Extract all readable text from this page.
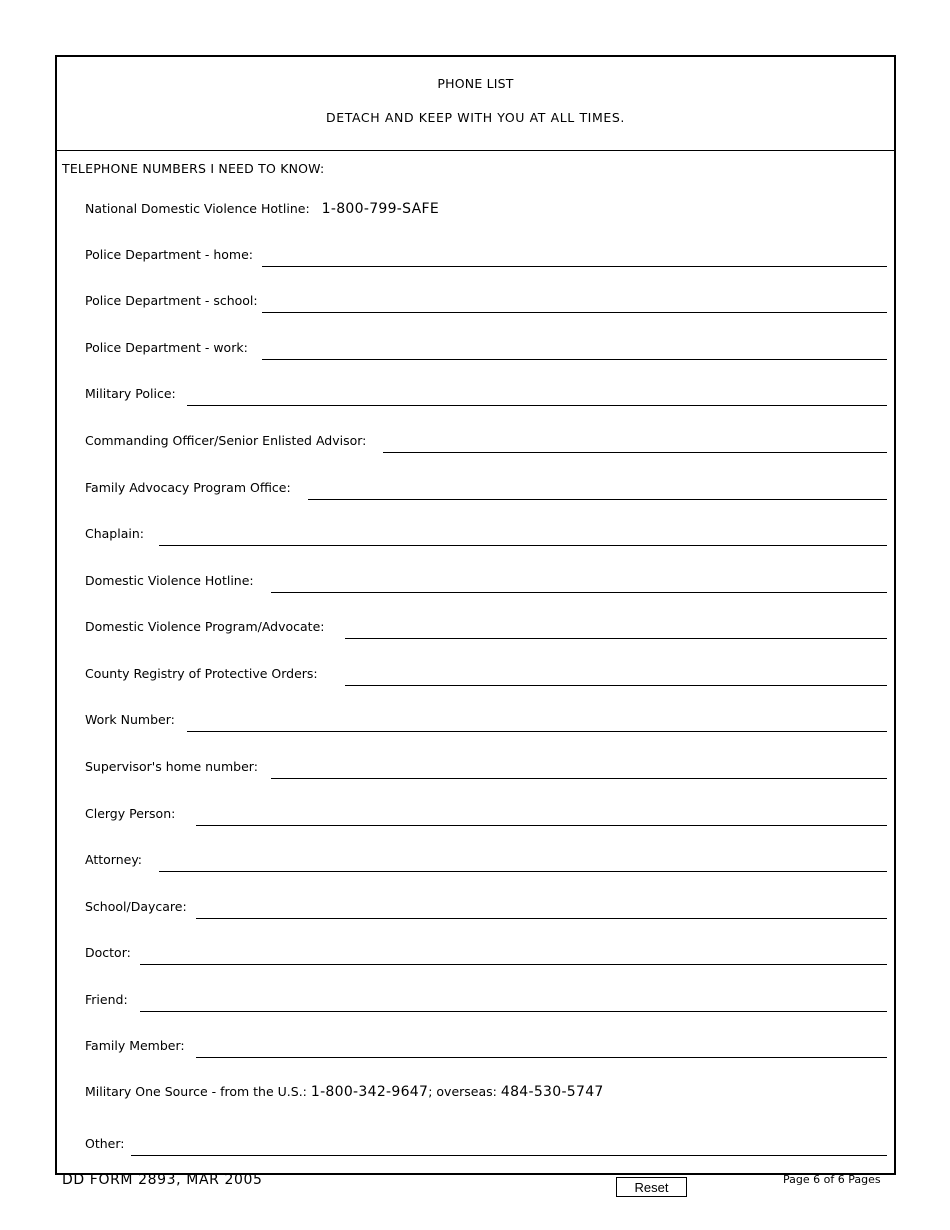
PHONE LIST
DETACH AND KEEP WITH YOU AT ALL TIMES.
TELEPHONE NUMBERS I NEED TO KNOW:
National Domestic Violence Hotline: 1-800-799-SAFE
Police Department - home:
Police Department - school:
Police Department - work:
Military Police:
Commanding Officer/Senior Enlisted Advisor:
Family Advocacy Program Office:
Chaplain:
Domestic Violence Hotline:
Domestic Violence Program/Advocate:
County Registry of Protective Orders:
Work Number:
Supervisor's home number:
Clergy Person:
Attorney:
School/Daycare:
Doctor:
Friend:
Family Member:
Military One Source - from the U.S.: 1-800-342-9647; overseas: 484-530-5747
Other:
DD FORM 2893, MAR 2005	Reset
Page 6 of 6 Pages
